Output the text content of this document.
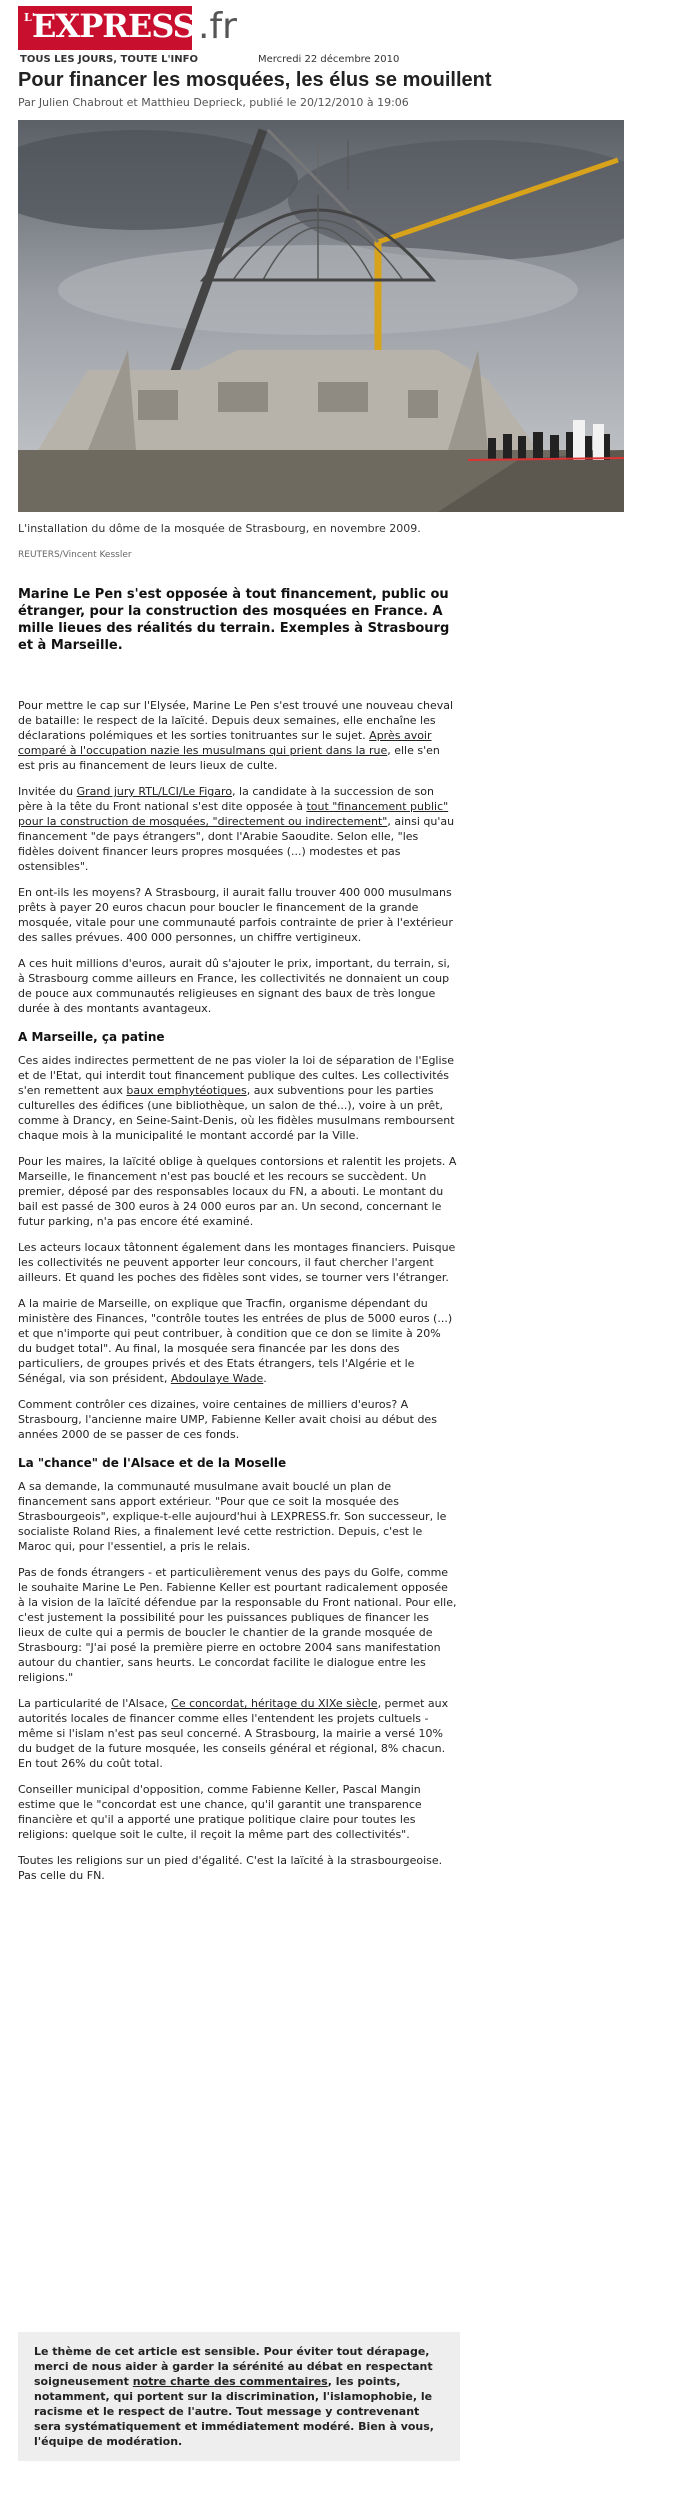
L'
EXPRESS .fr
TOUS LES JOURS, TOUTE L'INFO	Mercredi 22 décembre 2010
Pour financer les mosquées, les élus se mouillent
Par Julien Chabrout et Matthieu Deprieck, publié le 20/12/2010 à 19:06
L'installation du dôme de la mosquée de Strasbourg, en novembre 2009.
REUTERS/Vincent Kessler

Marine Le Pen s'est opposée à tout financement, public ou étranger, pour la construction des mosquées en France. A mille lieues des réalités du terrain. Exemples à Strasbourg et à Marseille.

Pour mettre le cap sur l'Elysée, Marine Le Pen s'est trouvé une nouveau cheval de bataille: le respect de la laïcité. Depuis deux semaines, elle enchaîne les déclarations polémiques et les sorties tonitruantes sur le sujet. Après avoir comparé à l'occupation nazie les musulmans qui prient dans la rue, elle s'en est pris au financement de leurs lieux de culte.

Invitée du Grand jury RTL/LCI/Le Figaro, la candidate à la succession de son père à la tête du Front national s'est dite opposée à tout "financement public" pour la construction de mosquées, "directement ou indirectement", ainsi qu'au financement "de pays étrangers", dont l'Arabie Saoudite. Selon elle, "les fidèles doivent financer leurs propres mosquées (...) modestes et pas ostensibles".

En ont-ils les moyens? A Strasbourg, il aurait fallu trouver 400 000 musulmans prêts à payer 20 euros chacun pour boucler le financement de la grande mosquée, vitale pour une communauté parfois contrainte de prier à l'extérieur des salles prévues. 400 000 personnes, un chiffre vertigineux.

A ces huit millions d'euros, aurait dû s'ajouter le prix, important, du terrain, si, à Strasbourg comme ailleurs en France, les collectivités ne donnaient un coup de pouce aux communautés religieuses en signant des baux de très longue durée à des montants avantageux.

A Marseille, ça patine

Ces aides indirectes permettent de ne pas violer la loi de séparation de l'Eglise et de l'Etat, qui interdit tout financement publique des cultes. Les collectivités s'en remettent aux baux emphytéotiques, aux subventions pour les parties culturelles des édifices (une bibliothèque, un salon de thé...), voire à un prêt, comme à Drancy, en Seine-Saint-Denis, où les fidèles musulmans remboursent chaque mois à la municipalité le montant accordé par la Ville.

Pour les maires, la laïcité oblige à quelques contorsions et ralentit les projets. A Marseille, le financement n'est pas bouclé et les recours se succèdent. Un premier, déposé par des responsables locaux du FN, a abouti. Le montant du bail est passé de 300 euros à 24 000 euros par an. Un second, concernant le futur parking, n'a pas encore été examiné.

Les acteurs locaux tâtonnent également dans les montages financiers. Puisque les collectivités ne peuvent apporter leur concours, il faut chercher l'argent ailleurs. Et quand les poches des fidèles sont vides, se tourner vers l'étranger.

A la mairie de Marseille, on explique que Tracfin, organisme dépendant du ministère des Finances, "contrôle toutes les entrées de plus de 5000 euros (...) et que n'importe qui peut contribuer, à condition que ce don se limite à 20% du budget total". Au final, la mosquée sera financée par les dons des particuliers, de groupes privés et des Etats étrangers, tels l'Algérie et le Sénégal, via son président, Abdoulaye Wade.

Comment contrôler ces dizaines, voire centaines de milliers d'euros? A Strasbourg, l'ancienne maire UMP, Fabienne Keller avait choisi au début des années 2000 de se passer de ces fonds.

La "chance" de l'Alsace et de la Moselle

A sa demande, la communauté musulmane avait bouclé un plan de financement sans apport extérieur. "Pour que ce soit la mosquée des Strasbourgeois", explique-t-elle aujourd'hui à LEXPRESS.fr. Son successeur, le socialiste Roland Ries, a finalement levé cette restriction. Depuis, c'est le Maroc qui, pour l'essentiel, a pris le relais.

Pas de fonds étrangers - et particulièrement venus des pays du Golfe, comme le souhaite Marine Le Pen. Fabienne Keller est pourtant radicalement opposée à la vision de la laïcité défendue par la responsable du Front national. Pour elle, c'est justement la possibilité pour les puissances publiques de financer les lieux de culte qui a permis de boucler le chantier de la grande mosquée de Strasbourg: "J'ai posé la première pierre en octobre 2004 sans manifestation autour du chantier, sans heurts. Le concordat facilite le dialogue entre les religions."

La particularité de l'Alsace, Ce concordat, héritage du XIXe siècle, permet aux autorités locales de financer comme elles l'entendent les projets cultuels - même si l'islam n'est pas seul concerné. A Strasbourg, la mairie a versé 10% du budget de la future mosquée, les conseils général et régional, 8% chacun. En tout 26% du coût total.

Conseiller municipal d'opposition, comme Fabienne Keller, Pascal Mangin estime que le "concordat est une chance, qu'il garantit une transparence financière et qu'il a apporté une pratique politique claire pour toutes les religions: quelque soit le culte, il reçoit la même part des collectivités".

Toutes les religions sur un pied d'égalité. C'est la laïcité à la strasbourgeoise. Pas celle du FN.

Le thème de cet article est sensible. Pour éviter tout dérapage, merci de nous aider à garder la sérénité au débat en respectant soigneusement notre charte des commentaires, les points, notamment, qui portent sur la discrimination, l'islamophobie, le racisme et le respect de l'autre. Tout message y contrevenant sera systématiquement et immédiatement modéré. Bien à vous, l'équipe de modération.
